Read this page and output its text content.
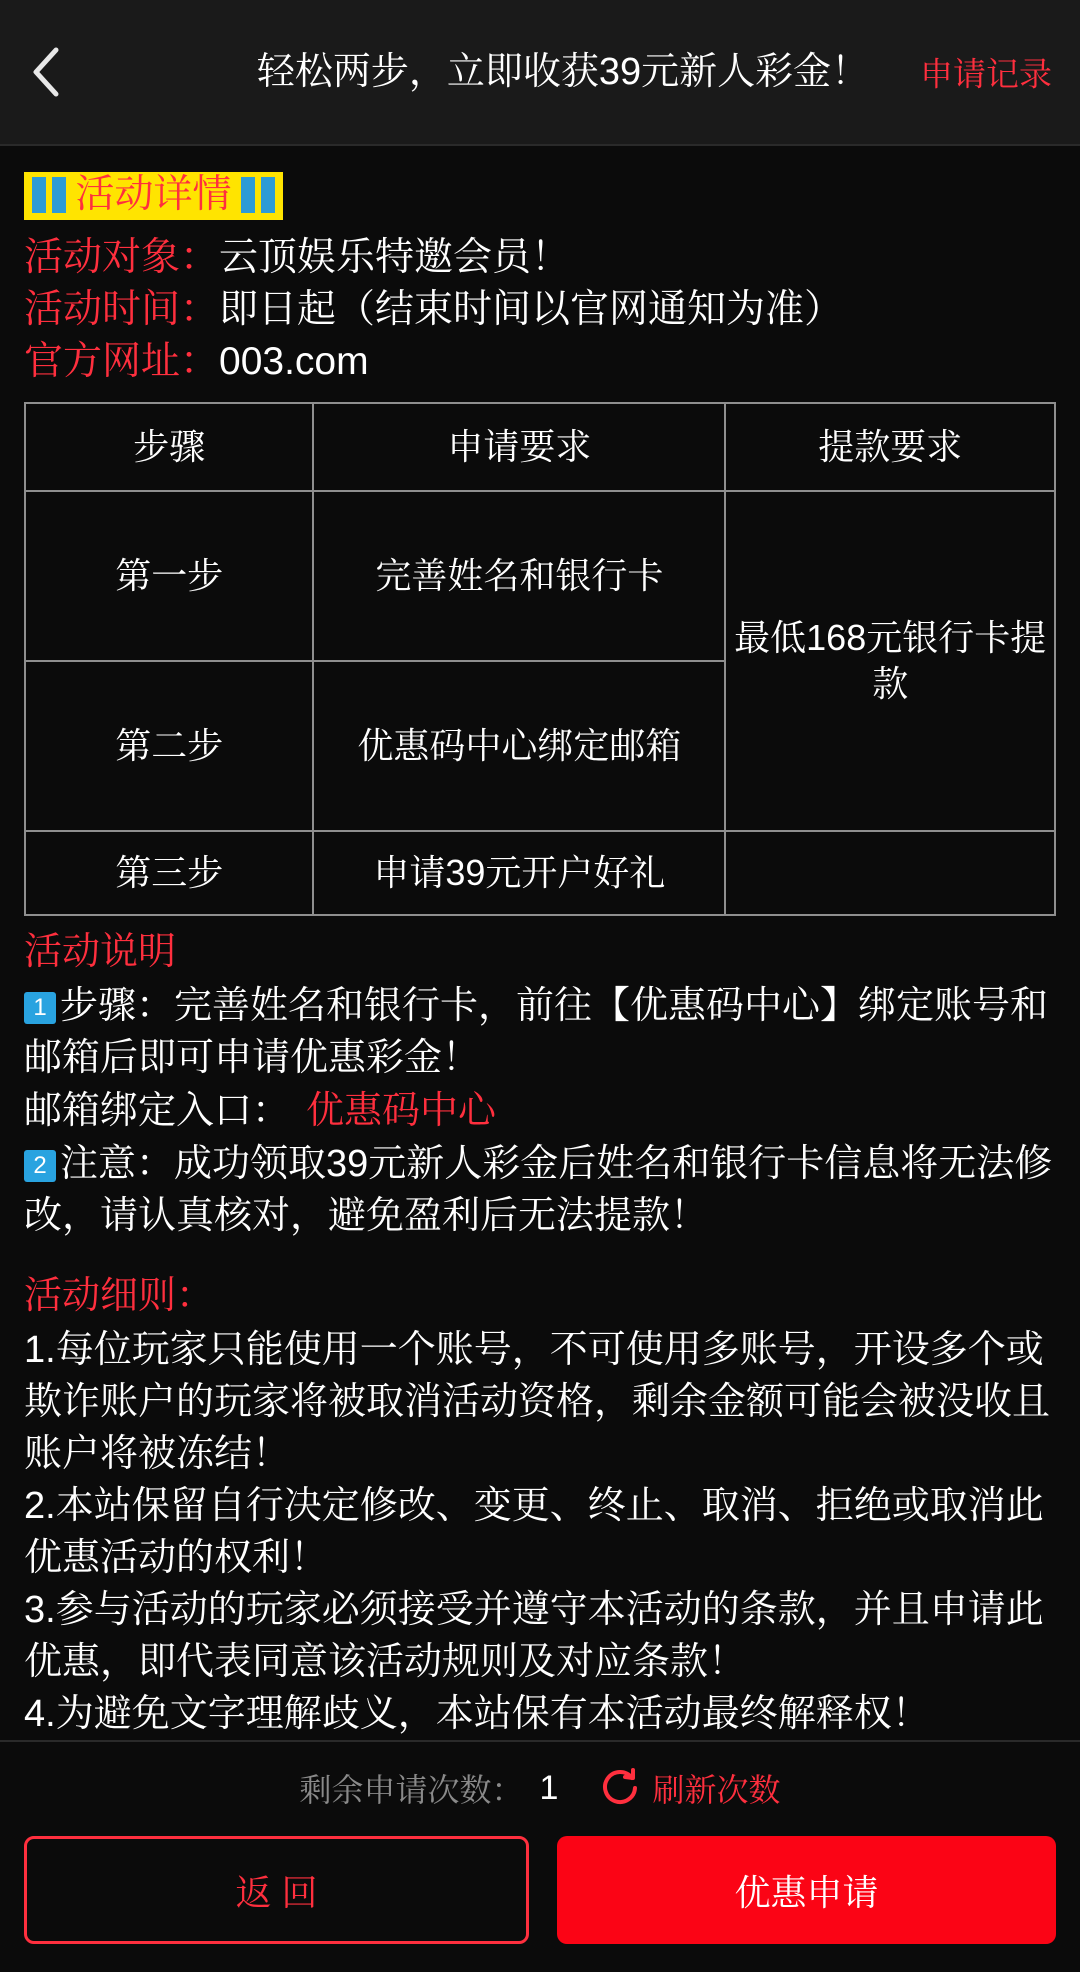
轻松两步，立即收获39元新人彩金！	申请记录
活动详情
活动对象：云顶娱乐特邀会员！
活动时间：即日起（结束时间以官网通知为准）
官方网址：003.com
步骤	申请要求	提款要求
第一步	完善姓名和银行卡	最低168元银行卡提款
第二步	优惠码中心绑定邮箱	
第三步	申请39元开户好礼	
活动说明
1 步骤：完善姓名和银行卡，前往【优惠码中心】绑定账号和邮箱后即可申请优惠彩金！
邮箱绑定入口： 优惠码中心
2 注意：成功领取39元新人彩金后姓名和银行卡信息将无法修改，请认真核对，避免盈利后无法提款！
活动细则：
1.每位玩家只能使用一个账号，不可使用多账号，开设多个或欺诈账户的玩家将被取消活动资格，剩余金额可能会被没收且账户将被冻结！
2.本站保留自行决定修改、变更、终止、取消、拒绝或取消此优惠活动的权利！
3.参与活动的玩家必须接受并遵守本活动的条款，并且申请此优惠，即代表同意该活动规则及对应条款！
4.为避免文字理解歧义，本站保有本活动最终解释权！
剩余申请次数： 1	刷新次数
返 回	优惠申请
